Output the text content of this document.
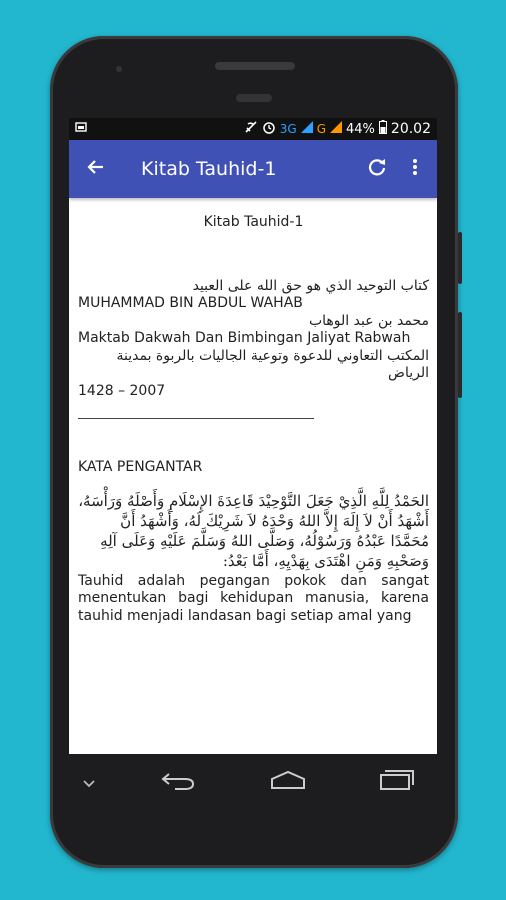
3G G 44% 20.02
Kitab Tauhid-1
Kitab Tauhid-1
كتاب التوحيد الذي هو حق الله على العبيد
MUHAMMAD BIN ABDUL WAHAB
محمد بن عبد الوهاب
Maktab Dakwah Dan Bimbingan Jaliyat Rabwah
المكتب التعاوني للدعوة وتوعية الجاليات بالربوة بمدينة الرياض
1428 – 2007
KATA PENGANTAR
الحَمْدُ لِلَّهِ الَّذِيْ جَعَلَ التَّوْحِيْدَ قَاعِدَةَ الإِسْلَامِ وَأَصْلَهُ وَرَأْسَهُ، أَشْهَدُ أَنْ لاَ إِلَهَ إِلاَّ اللهُ وَحْدَهُ لاَ شَرِيْكَ لَهُ، وَأَشْهَدُ أَنَّ مُحَمَّدًا عَبْدُهُ وَرَسُوْلُهُ، وَصَلَّى اللهُ وَسَلَّمَ عَلَيْهِ وَعَلَى آلِهِ وَصَحْبِهِ وَمَنِ اهْتَدَى بِهَدْيِهِ، أَمَّا بَعْدُ:
Tauhid adalah pegangan pokok dan sangat menentukan bagi kehidupan manusia, karena tauhid menjadi landasan bagi setiap amal yang
